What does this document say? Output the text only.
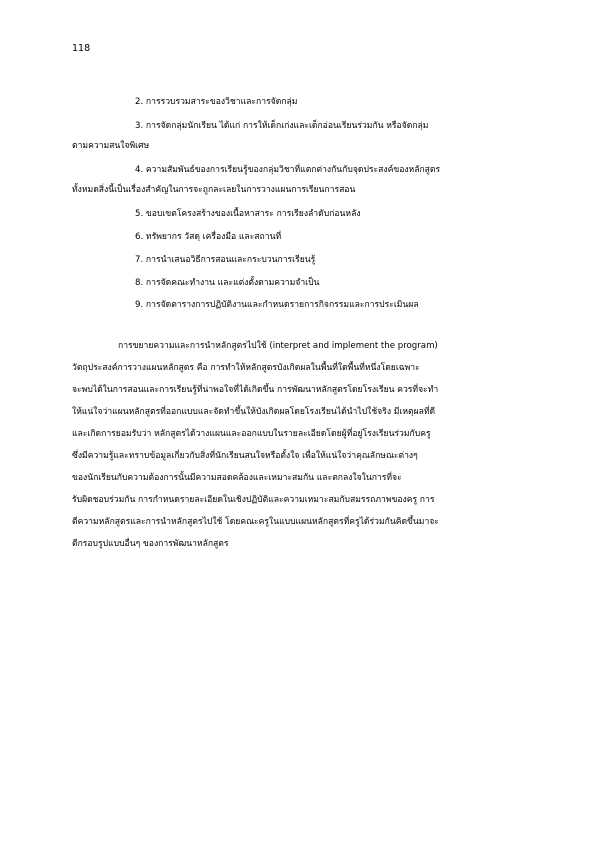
118
2. การรวบรวมสาระของวิชาและการจัดกลุ่ม
3. การจัดกลุ่มนักเรียน ได้แก่ การให้เด็กเก่งและเด็กอ่อนเรียนร่วมกัน หรือจัดกลุ่ม
ตามความสนใจพิเศษ
4. ความสัมพันธ์ของการเรียนรู้ของกลุ่มวิชาที่แตกต่างกันกับจุดประสงค์ของหลักสูตร
ทั้งหมดสิ่งนี้เป็นเรื่องสำคัญในการจะถูกละเลยในการวางแผนการเรียนการสอน
5. ขอบเขตโครงสร้างของเนื้อหาสาระ การเรียงลำดับก่อนหลัง
6. ทรัพยากร วัสดุ เครื่องมือ และสถานที่
7. การนำเสนอวิธีการสอนและกระบวนการเรียนรู้
8. การจัดคณะทำงาน และแต่งตั้งตามความจำเป็น
9. การจัดตารางการปฏิบัติงานและกำหนดรายการกิจกรรมและการประเมินผล
การขยายความและการนำหลักสูตรไปใช้ (interpret and implement the program)
วัตถุประสงค์การวางแผนหลักสูตร คือ การทำให้หลักสูตรบังเกิดผลในพื้นที่ใดพื้นที่หนึ่งโดยเฉพาะ
จะพบได้ในการสอนและการเรียนรู้ที่น่าพอใจที่ได้เกิดขึ้น การพัฒนาหลักสูตรโดยโรงเรียน ควรที่จะทำ
ให้แน่ใจว่าแผนหลักสูตรที่ออกแบบและจัดทำขึ้นให้บังเกิดผลโดยโรงเรียนได้นำไปใช้จริง มีเหตุผลที่ดี
และเกิดการยอมรับว่า หลักสูตรได้วางแผนและออกแบบในรายละเอียดโดยผู้ที่อยู่โรงเรียนร่วมกับครู
ซึ่งมีความรู้และทราบข้อมูลเกี่ยวกับสิ่งที่นักเรียนสนใจหรือตั้งใจ เพื่อให้แน่ใจว่าคุณลักษณะต่างๆ
ของนักเรียนกับความต้องการนั้นมีความสอดคล้องและเหมาะสมกัน และตกลงใจในการที่จะ
รับผิดชอบร่วมกัน การกำหนดรายละเอียดในเชิงปฏิบัติและความเหมาะสมกับสมรรถภาพของครู การ
ตีความหลักสูตรและการนำหลักสูตรไปใช้ โดยคณะครูในแบบแผนหลักสูตรที่ครูได้ร่วมกันคิดขึ้นมาจะ
ตีกรอบรูปแบบอื่นๆ ของการพัฒนาหลักสูตร
